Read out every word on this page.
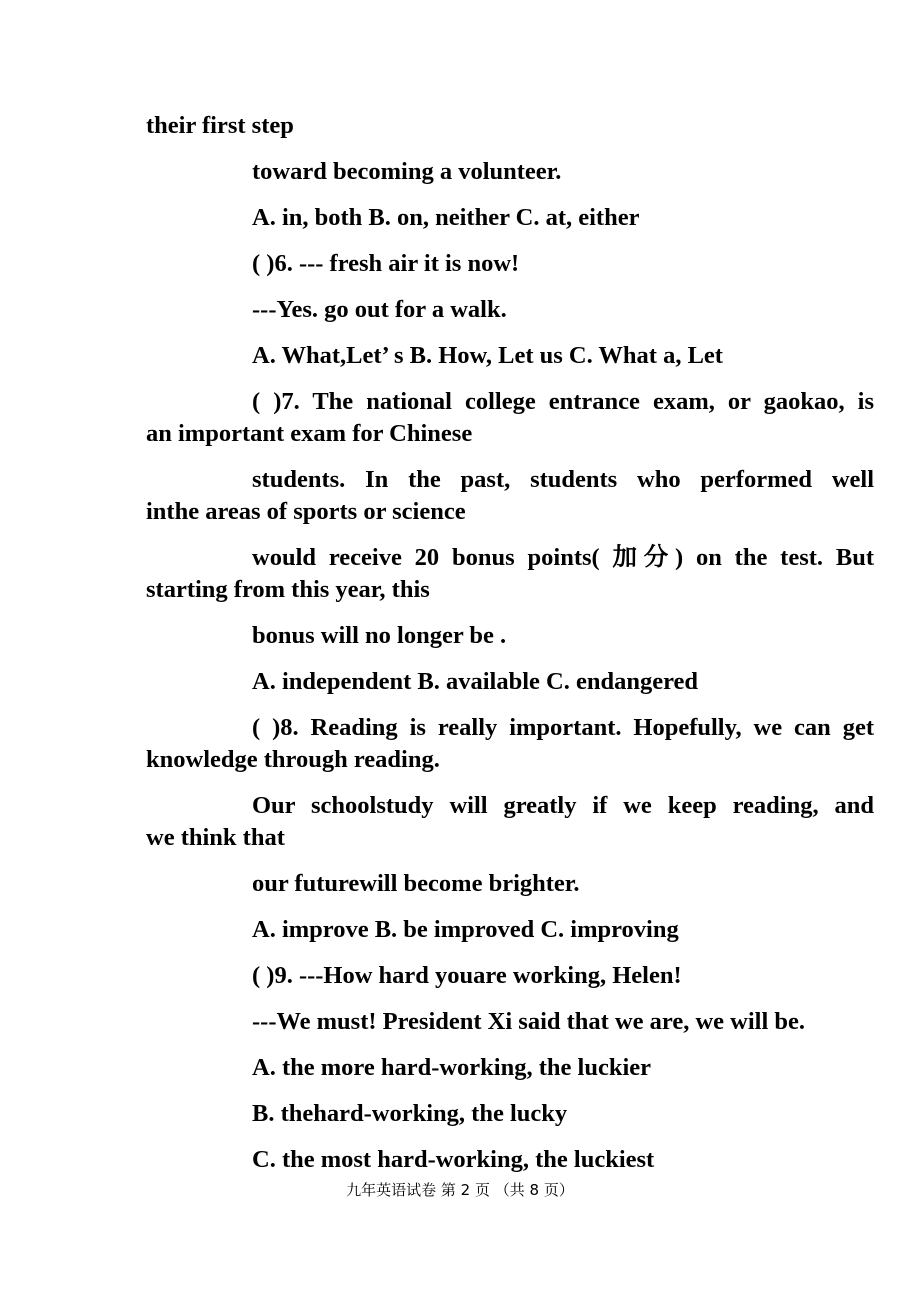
their first step
toward becoming a volunteer.
A. in, both B. on, neither C. at, either
( )6. --- fresh air it is now!
---Yes. go out for a walk.
A. What,Let’ s B. How, Let us C. What a, Let
( )7. The national college entrance exam, or gaokao, is
an important exam for Chinese
students. In the past, students who performed well
inthe areas of sports or science
would receive 20 bonus points( 加分) on the test. But
starting from this year, this
bonus will no longer be .
A. independent B. available C. endangered
( )8. Reading is really important. Hopefully, we can get
knowledge through reading.
Our schoolstudy will greatly if we keep reading, and
we think that
our futurewill become brighter.
A. improve B. be improved C. improving
( )9. ---How hard youare working, Helen!
---We must! President Xi said that we are, we will be.
A. the more hard-working, the luckier
B. thehard-working, the lucky
C. the most hard-working, the luckiest
九年英语试卷 第 2 页 （共 8 页）
